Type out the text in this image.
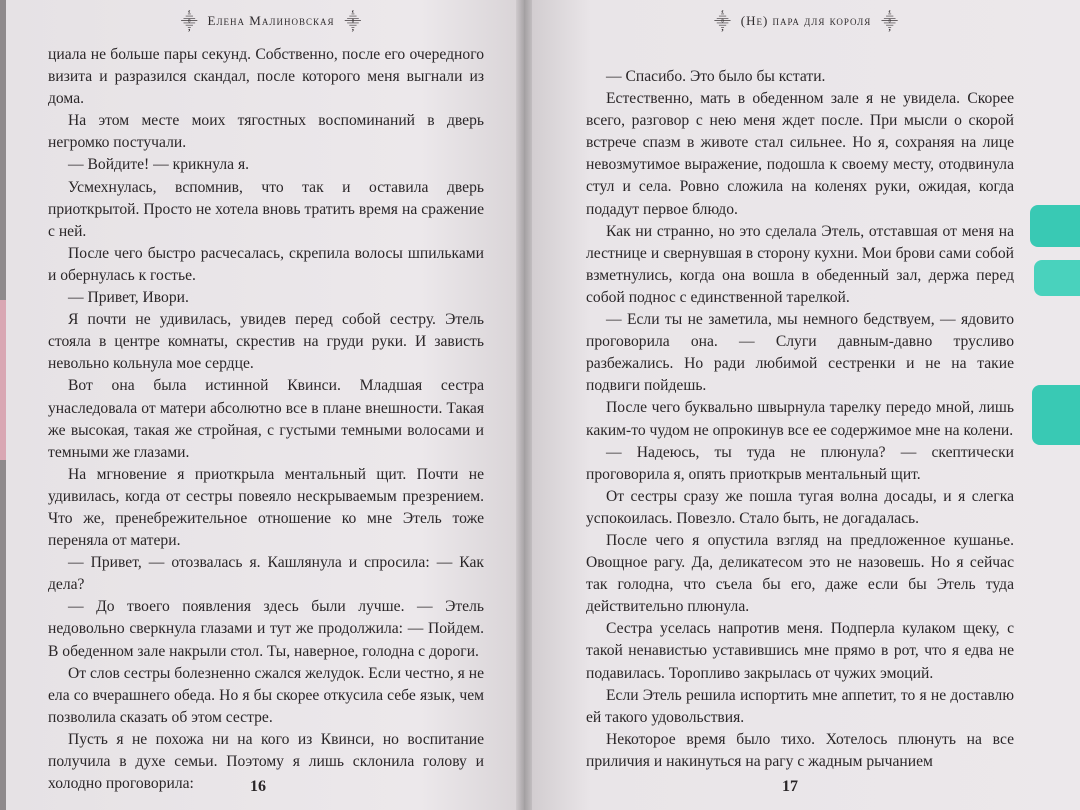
⸎ Елена Малиновская ⸎

циала не больше пары секунд. Собственно, после его очередного визита и разразился скандал, после которого меня выгнали из дома.

На этом месте моих тягостных воспоминаний в дверь негромко постучали.

— Войдите! — крикнула я.

Усмехнулась, вспомнив, что так и оставила дверь приоткрытой. Просто не хотела вновь тратить время на сражение с ней.

После чего быстро расчесалась, скрепила волосы шпильками и обернулась к гостье.

— Привет, Ивори.

Я почти не удивилась, увидев перед собой сестру. Этель стояла в центре комнаты, скрестив на груди руки. И зависть невольно кольнула мое сердце.

Вот она была истинной Квинси. Младшая сестра унаследовала от матери абсолютно все в плане внешности. Такая же высокая, такая же стройная, с густыми темными волосами и темными же глазами.

На мгновение я приоткрыла ментальный щит. Почти не удивилась, когда от сестры повеяло нескрываемым презрением. Что же, пренебрежительное отношение ко мне Этель тоже переняла от матери.

— Привет, — отозвалась я. Кашлянула и спросила: — Как дела?

— До твоего появления здесь были лучше. — Этель недовольно сверкнула глазами и тут же продолжила: — Пойдем. В обеденном зале накрыли стол. Ты, наверное, голодна с дороги.

От слов сестры болезненно сжался желудок. Если честно, я не ела со вчерашнего обеда. Но я бы скорее откусила себе язык, чем позволила сказать об этом сестре.

Пусть я не похожа ни на кого из Квинси, но воспитание получила в духе семьи. Поэтому я лишь склонила голову и холодно проговорила:	16
⸎ (Не) пара для короля ⸎

— Спасибо. Это было бы кстати.

Естественно, мать в обеденном зале я не увидела. Скорее всего, разговор с нею меня ждет после. При мысли о скорой встрече спазм в животе стал сильнее. Но я, сохраняя на лице невозмутимое выражение, подошла к своему месту, отодвинула стул и села. Ровно сложила на коленях руки, ожидая, когда подадут первое блюдо.

Как ни странно, но это сделала Этель, отставшая от меня на лестнице и свернувшая в сторону кухни. Мои брови сами собой взметнулись, когда она вошла в обеденный зал, держа перед собой поднос с единственной тарелкой.

— Если ты не заметила, мы немного бедствуем, — ядовито проговорила она. — Слуги давным-давно трусливо разбежались. Но ради любимой сестренки и не на такие подвиги пойдешь.

После чего буквально швырнула тарелку передо мной, лишь каким-то чудом не опрокинув все ее содержимое мне на колени.

— Надеюсь, ты туда не плюнула? — скептически проговорила я, опять приоткрыв ментальный щит.

От сестры сразу же пошла тугая волна досады, и я слегка успокоилась. Повезло. Стало быть, не догадалась.

После чего я опустила взгляд на предложенное кушанье. Овощное рагу. Да, деликатесом это не назовешь. Но я сейчас так голодна, что съела бы его, даже если бы Этель туда действительно плюнула.

Сестра уселась напротив меня. Подперла кулаком щеку, с такой ненавистью уставившись мне прямо в рот, что я едва не подавилась. Торопливо закрылась от чужих эмоций.

Если Этель решила испортить мне аппетит, то я не доставлю ей такого удовольствия.

Некоторое время было тихо. Хотелось плюнуть на все приличия и накинуться на рагу с жадным рычанием

17
